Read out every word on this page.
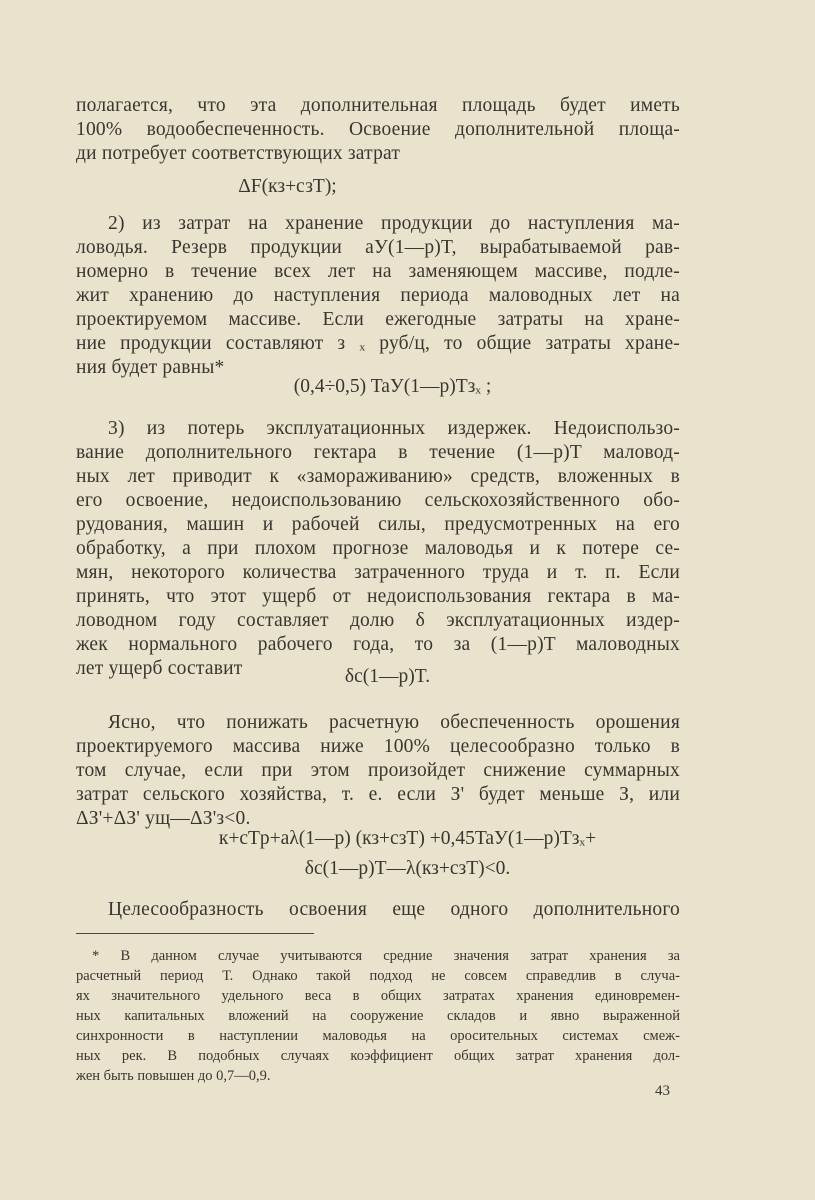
полагается, что эта дополнительная площадь будет иметь
100% водообеспеченность. Освоение дополнительной площа-
ди потребует соответствующих затрат
ΔF(кз+сзT);
2) из затрат на хранение продукции до наступления ма-
ловодья. Резерв продукции аУ(1—р)T, вырабатываемой рав-
номерно в течение всех лет на заменяющем массиве, подле-
жит хранению до наступления периода маловодных лет на
проектируемом массиве. Если ежегодные затраты на хране-
ние продукции составляют з ₓ руб/ц, то общие затраты хране-
ния будет равны*
(0,4÷0,5) TaУ(1—p)Tзₓ ;
3) из потерь эксплуатационных издержек. Недоиспользо-
вание дополнительного гектара в течение (1—р)T маловод-
ных лет приводит к «замораживанию» средств, вложенных в
его освоение, недоиспользованию сельскохозяйственного обо-
рудования, машин и рабочей силы, предусмотренных на его
обработку, а при плохом прогнозе маловодья и к потере се-
мян, некоторого количества затраченного труда и т. п. Если
принять, что этот ущерб от недоиспользования гектара в ма-
ловодном году составляет долю δ эксплуатационных издер-
жек нормального рабочего года, то за (1—р)T маловодных
лет ущерб составит	δc(1—p)T.
Ясно, что понижать расчетную обеспеченность орошения
проектируемого массива ниже 100% целесообразно только в
том случае, если при этом произойдет снижение суммарных
затрат сельского хозяйства, т. е. если З' будет меньше З, или
ΔЗ'+ΔЗ' ущ—ΔЗ'з<0.
к+cTp+aλ(1—p) (кз+cзT) +0,45TaУ(1—p)Tзₓ+
δc(1—p)T—λ(кз+cзT)<0.
Целесообразность освоения еще одного дополнительного
* В данном случае учитываются средние значения затрат хранения за
расчетный период Т. Однако такой подход не совсем справедлив в случа-
ях значительного удельного веса в общих затратах хранения единовремен-
ных капитальных вложений на сооружение складов и явно выраженной
синхронности в наступлении маловодья на оросительных системах смеж-
ных рек. В подобных случаях коэффициент общих затрат хранения дол-
жен быть повышен до 0,7—0,9.
43
